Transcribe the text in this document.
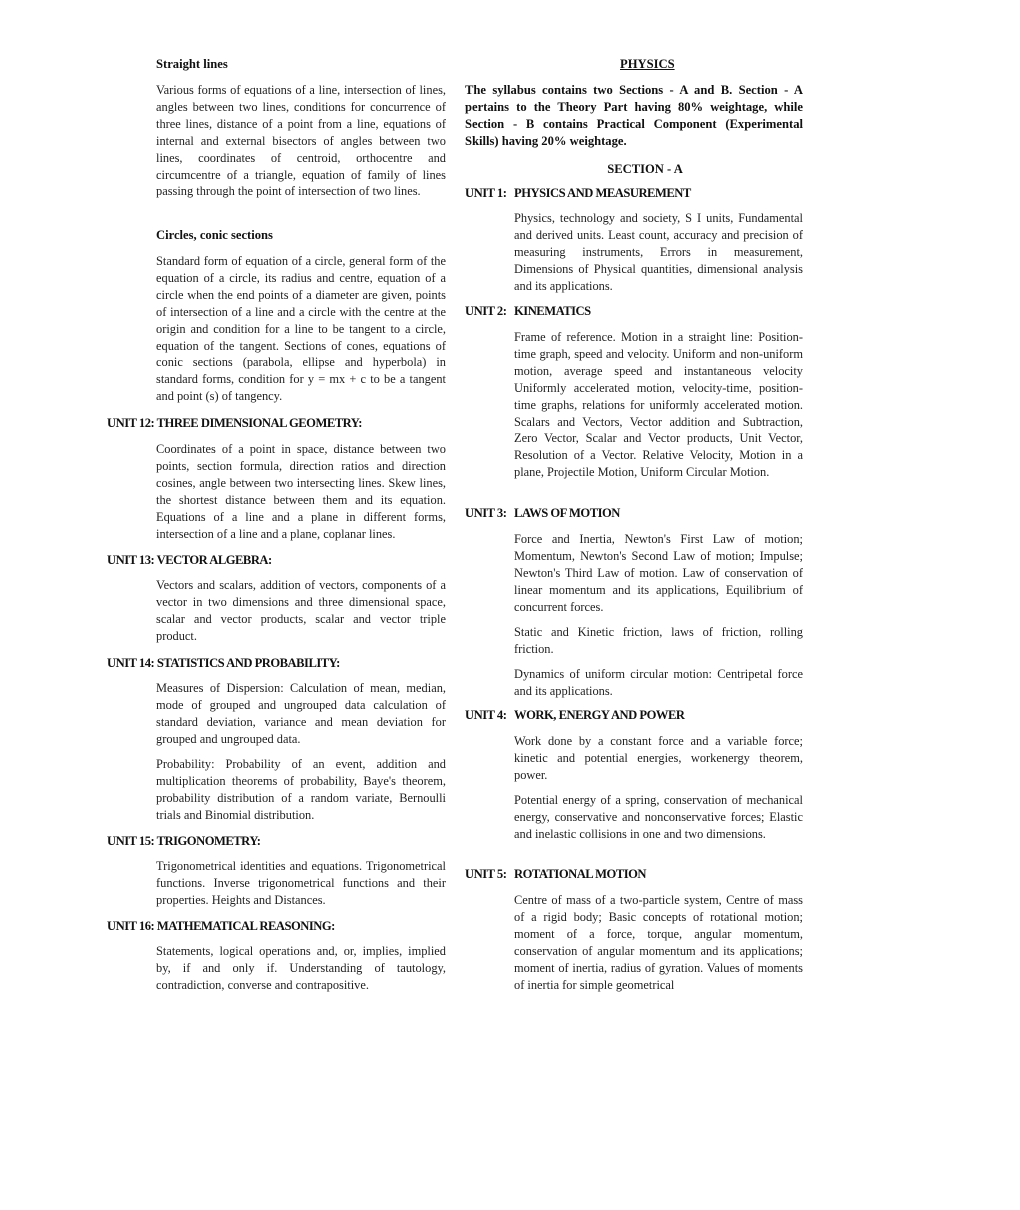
Straight lines
Various forms of equations of a line, intersection of lines, angles between two lines, conditions for concurrence of three lines, distance of a point from a line, equations of internal and external bisectors of angles between two lines, coordinates of centroid, orthocentre and circumcentre of a triangle, equation of family of lines passing through the point of intersection of two lines.
Circles, conic sections
Standard form of equation of a circle, general form of the equation of a circle, its radius and centre, equation of a circle when the end points of a diameter are given, points of intersection of a line and a circle with the centre at the origin and condition for a line to be tangent to a circle, equation of the tangent. Sections of cones, equations of conic sections (parabola, ellipse and hyperbola) in standard forms, condition for y = mx + c to be a tangent and point (s) of tangency.
UNIT 12: THREE DIMENSIONAL GEOMETRY:
Coordinates of a point in space, distance between two points, section formula, direction ratios and direction cosines, angle between two intersecting lines. Skew lines, the shortest distance between them and its equation. Equations of a line and a plane in different forms, intersection of a line and a plane, coplanar lines.
UNIT 13: VECTOR ALGEBRA:
Vectors and scalars, addition of vectors, components of a vector in two dimensions and three dimensional space, scalar and vector products, scalar and vector triple product.
UNIT 14: STATISTICS AND PROBABILITY:
Measures of Dispersion: Calculation of mean, median, mode of grouped and ungrouped data calculation of standard deviation, variance and mean deviation for grouped and ungrouped data.
Probability: Probability of an event, addition and multiplication theorems of probability, Baye's theorem, probability distribution of a random variate, Bernoulli trials and Binomial distribution.
UNIT 15: TRIGONOMETRY:
Trigonometrical identities and equations. Trigonometrical functions. Inverse trigonometrical functions and their properties. Heights and Distances.
UNIT 16: MATHEMATICAL REASONING:
Statements, logical operations and, or, implies, implied by, if and only if. Understanding of tautology, contradiction, converse and contrapositive.
PHYSICS
The syllabus contains two Sections - A and B. Section - A pertains to the Theory Part having 80% weightage, while Section - B contains Practical Component (Experimental Skills) having 20% weightage.
SECTION - A
UNIT 1: PHYSICS AND MEASUREMENT
Physics, technology and society, S I units, Fundamental and derived units. Least count, accuracy and precision of measuring instruments, Errors in measurement, Dimensions of Physical quantities, dimensional analysis and its applications.
UNIT 2: KINEMATICS
Frame of reference. Motion in a straight line: Position-time graph, speed and velocity. Uniform and non-uniform motion, average speed and instantaneous velocity Uniformly accelerated motion, velocity-time, position-time graphs, relations for uniformly accelerated motion. Scalars and Vectors, Vector addition and Subtraction, Zero Vector, Scalar and Vector products, Unit Vector, Resolution of a Vector. Relative Velocity, Motion in a plane, Projectile Motion, Uniform Circular Motion.
UNIT 3: LAWS OF MOTION
Force and Inertia, Newton's First Law of motion; Momentum, Newton's Second Law of motion; Impulse; Newton's Third Law of motion. Law of conservation of linear momentum and its applications, Equilibrium of concurrent forces.
Static and Kinetic friction, laws of friction, rolling friction.
Dynamics of uniform circular motion: Centripetal force and its applications.
UNIT 4: WORK, ENERGY AND POWER
Work done by a constant force and a variable force; kinetic and potential energies, workenergy theorem, power.
Potential energy of a spring, conservation of mechanical energy, conservative and nonconservative forces; Elastic and inelastic collisions in one and two dimensions.
UNIT 5: ROTATIONAL MOTION
Centre of mass of a two-particle system, Centre of mass of a rigid body; Basic concepts of rotational motion; moment of a force, torque, angular momentum, conservation of angular momentum and its applications; moment of inertia, radius of gyration. Values of moments of inertia for simple geometrical
